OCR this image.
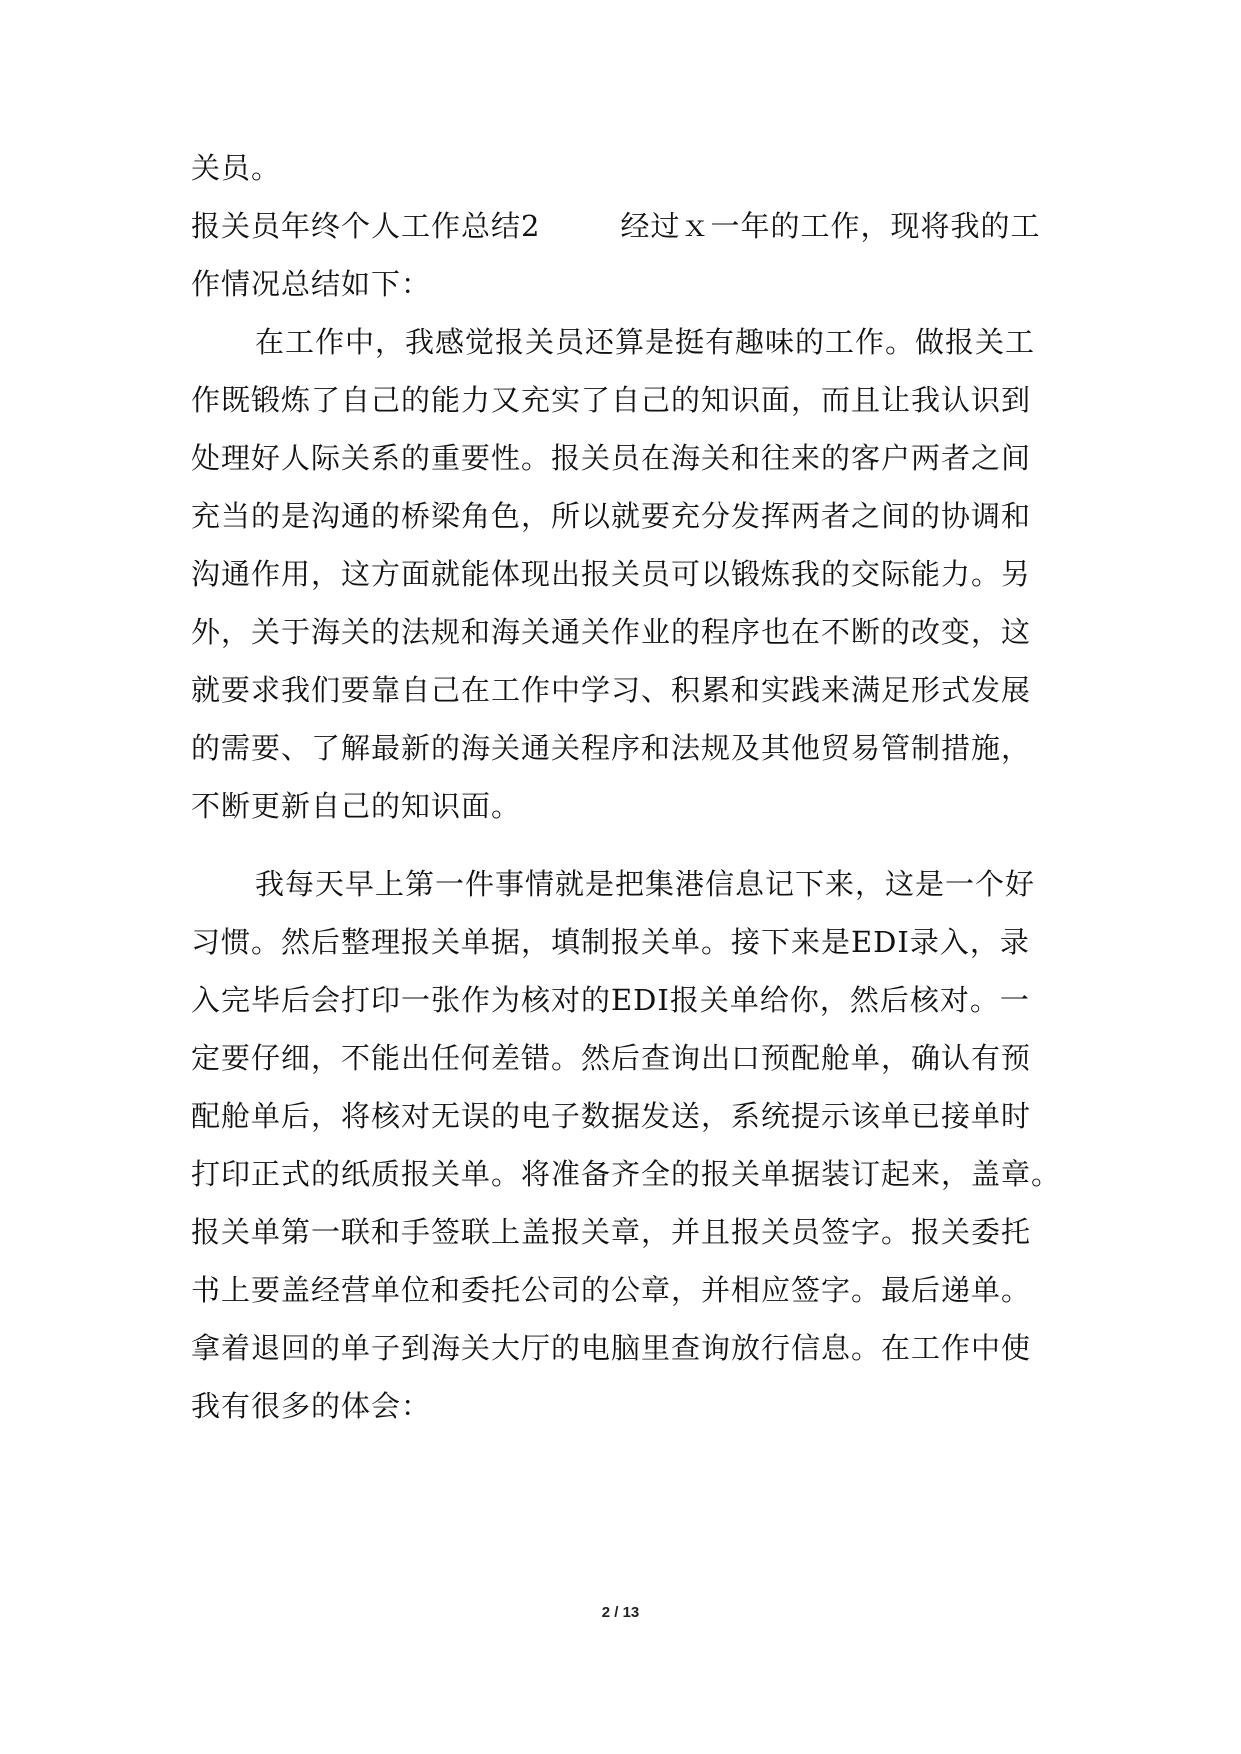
关员。
报关员年终个人工作总结2	经过ｘ一年的工作，现将我的工
作情况总结如下：
在工作中，我感觉报关员还算是挺有趣味的工作。做报关工
作既锻炼了自己的能力又充实了自己的知识面，而且让我认识到
处理好人际关系的重要性。报关员在海关和往来的客户两者之间
充当的是沟通的桥梁角色，所以就要充分发挥两者之间的协调和
沟通作用，这方面就能体现出报关员可以锻炼我的交际能力。另
外，关于海关的法规和海关通关作业的程序也在不断的改变，这
就要求我们要靠自己在工作中学习、积累和实践来满足形式发展
的需要、了解最新的海关通关程序和法规及其他贸易管制措施，
不断更新自己的知识面。
我每天早上第一件事情就是把集港信息记下来，这是一个好
习惯。然后整理报关单据，填制报关单。接下来是EDI录入，录
入完毕后会打印一张作为核对的EDI报关单给你，然后核对。一
定要仔细，不能出任何差错。然后查询出口预配舱单，确认有预
配舱单后，将核对无误的电子数据发送，系统提示该单已接单时
打印正式的纸质报关单。将准备齐全的报关单据装订起来，盖章。
报关单第一联和手签联上盖报关章，并且报关员签字。报关委托
书上要盖经营单位和委托公司的公章，并相应签字。最后递单。
拿着退回的单子到海关大厅的电脑里查询放行信息。在工作中使
我有很多的体会：
2 / 13
